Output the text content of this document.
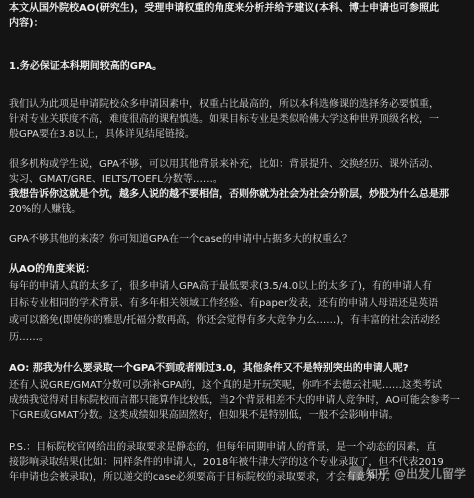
本文从国外院校AO(研究生)，受理申请权重的角度来分析并给予建议(本科、博士申请也可参照此
内容)：
1.务必保证本科期间较高的GPA。
我们认为此项是申请院校众多申请因素中，权重占比最高的，所以本科选修课的选择务必要慎重，
针对专业关联度不高，难度很高的课程慎选。如果目标专业是类似哈佛大学这种世界顶级名校，一
般GPA要在3.8以上，具体详见结尾链接。
很多机构或学生说，GPA不够，可以用其他背景来补充，比如：背景提升、交换经历、课外活动、
实习、GMAT/GRE、IELTS/TOEFL分数等……。
我想告诉你这就是个坑，越多人说的越不要相信，否则你就为社会为社会分阶层，炒股为什么总是那
20%的人赚钱。
GPA不够其他的来凑？你可知道GPA在一个case的申请中占据多大的权重么？
从AO的角度来说：
每年的申请人真的太多了，很多申请人GPA高于最低要求(3.5/4.0以上的太多了)，有的申请人有
目标专业相同的学术背景、有多年相关领域工作经验、有paper发表，还有的申请人母语还是英语
或可以豁免(即使你的雅思/托福分数再高，你还会觉得有多大竞争力么……)，有丰富的社会活动经
历……。
AO: 那我为什么要录取一个GPA不到或者刚过3.0，其他条件又不是特别突出的申请人呢?
还有人说GRE/GMAT分数可以弥补GPA的，这个真的是开玩笑呢，你咋不去德云社呢……这类考试
成绩我觉得对目标院校而言都只能算作比较低，当2个背景相差不大的申请人竞争时，AO可能会参考一
下GRE或GMAT分数。这类成绩如果高固然好，但如果不是特别低，一般不会影响申请。
P.S.：目标院校官网给出的录取要求是静态的，但每年同期申请人的背景，是一个动态的因素，直
接影响录取结果(比如：同样条件的申请人，2018年被牛津大学的这个专业录取了，但不代表2019
年申请也会被录取)，所以递交的case必须要高于目标院校的录取要求，才会有竞争力。
知乎 @出发儿留学
